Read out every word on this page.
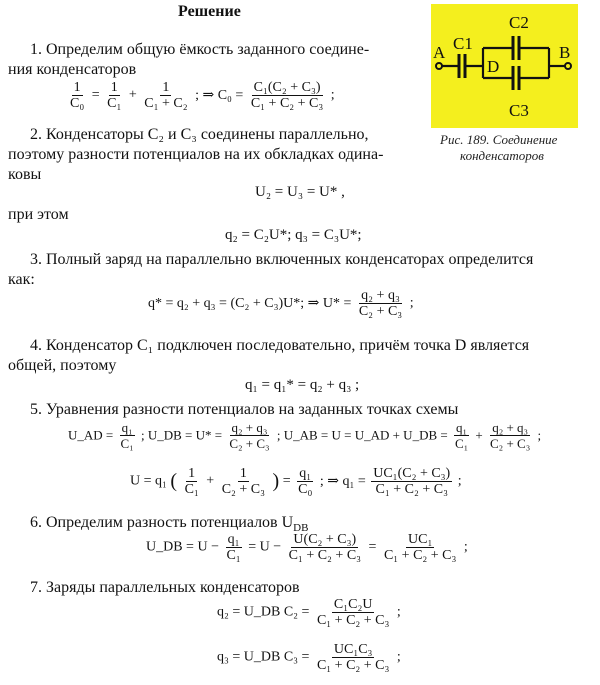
Решение
A C1
C2
D
B
C3
Рис. 189. Соединение
конденсаторов
1. Определим общую ёмкость заданного соедине-
ния конденсаторов
$\frac{1}{\text{C₀}} = \frac{1}{\text{C₁}} + \frac{1}{\text{C₁ + C₂}}$ ; ⇒ $C_0 = \frac{\text{C₁(C₂ + C₃)}}{\text{C₁ + C₂ + C₃}}$ ;
2. Конденсаторы C₂ и C₃ соединены параллельно,
поэтому разности потенциалов на их обкладках одина-
ковы
U₂ = U₃ = U* ,
при этом
q₂ = C₂U*; q₃ = C₃U*;
3. Полный заряд на параллельно включенных конденсаторах определится
как:
q* = q₂ + q₃ = (C₂ + C₃)U*; ⇒ $U* = \frac{\text{q₂ + q₃}}{\text{C₂ + C₃}}$ ;
4. Конденсатор C₁ подключен последовательно, причём точка D является
общей, поэтому
q₁ = q₁* = q₂ + q₃ ;
5. Уравнения разности потенциалов на заданных точках схемы
U_AD = $\frac{\text{q₁}}{\text{C₁}}$ ; U_DB = $U* = \frac{\text{q₂ + q₃}}{\text{C₂ + C₃}}$ ; U_AB = U = U_AD + U_DB = $\frac{\text{q₁}}{\text{C₁}} + \frac{\text{q₂ + q₃}}{\text{C₂ + C₃}}$ ;
U = q₁ ( $\frac{1}{\text{C₁}} + \frac{1}{\text{C₂ + C₃}}$ ) = $\frac{\text{q₁}}{\text{C₀}}$ ; ⇒ $q_1 = \frac{\text{UC₁(C₂ + C₃)}}{\text{C₁ + C₂ + C₃}}$ ;
6. Определим разность потенциалов $U_{DB}$
U_DB = $U - \frac{\text{q₁}}{\text{C₁}} = U - \frac{\text{U(C₂ + C₃)}}{\text{C₁ + C₂ + C₃}} = \frac{\text{UC₁}}{\text{C₁ + C₂ + C₃}}$ ;
7. Заряды параллельных конденсаторов
q₂ = U_DB $C_2 = \frac{\text{C₁C₂U}}{\text{C₁ + C₂ + C₃}}$ ;
q₃ = U_DB $C_3 = \frac{\text{UC₁C₃}}{\text{C₁ + C₂ + C₃}}$ ;
